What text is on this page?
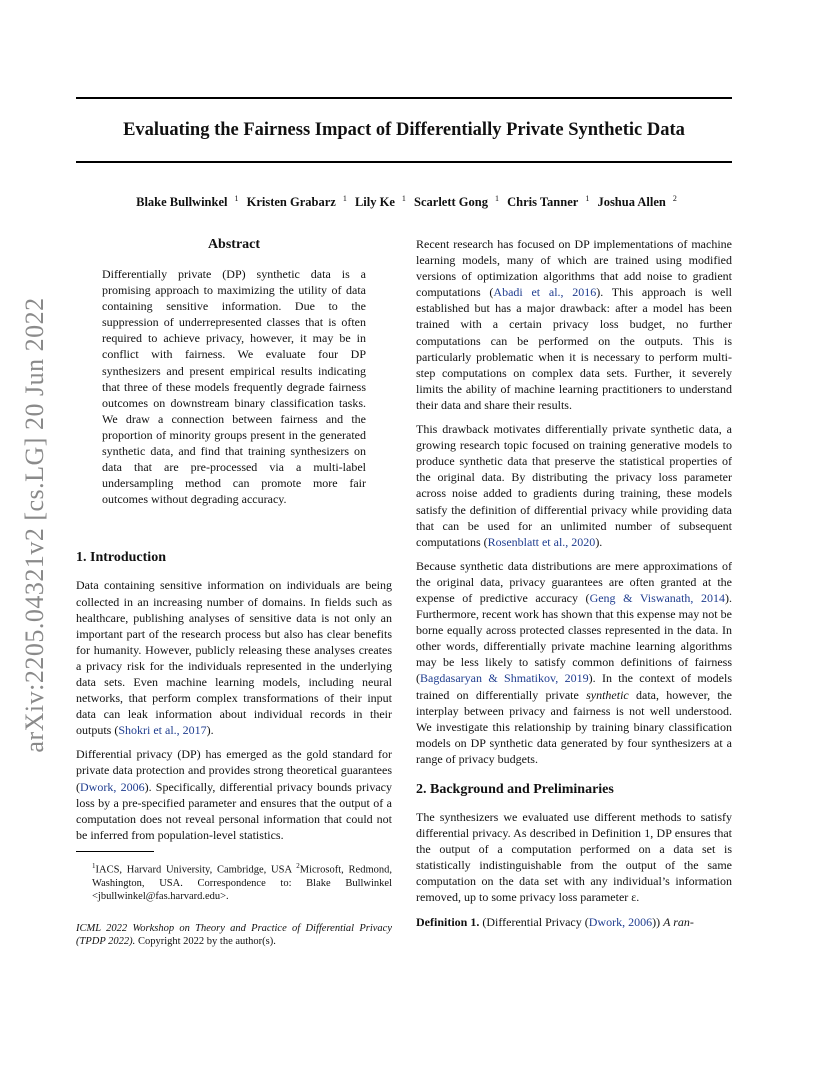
Evaluating the Fairness Impact of Differentially Private Synthetic Data
Blake Bullwinkel $^1$ Kristen Grabarz $^1$ Lily Ke $^1$ Scarlett Gong $^1$ Chris Tanner $^1$ Joshua Allen $^2$
arXiv:2205.04321v2 [cs.LG] 20 Jun 2022
Abstract

Differentially private (DP) synthetic data is a promising approach to maximizing the utility of data containing sensitive information. Due to the suppression of underrepresented classes that is often required to achieve privacy, however, it may be in conflict with fairness. We evaluate four DP synthesizers and present empirical results indicating that three of these models frequently degrade fairness outcomes on downstream binary classification tasks. We draw a connection between fairness and the proportion of minority groups present in the generated synthetic data, and find that training synthesizers on data that are pre-processed via a multi-label undersampling method can promote more fair outcomes without degrading accuracy.

1. Introduction

Data containing sensitive information on individuals are being collected in an increasing number of domains. In fields such as healthcare, publishing analyses of sensitive data is not only an important part of the research process but also has clear benefits for humanity. However, publicly releasing these analyses creates a privacy risk for the individuals represented in the underlying data sets. Even machine learning models, including neural networks, that perform complex transformations of their input data can leak information about individual records in their outputs (Shokri et al., 2017).

Differential privacy (DP) has emerged as the gold standard for private data protection and provides strong theoretical guarantees (Dwork, 2006). Specifically, differential privacy bounds privacy loss by a pre-specified parameter and ensures that the output of a computation does not reveal personal information that could not be inferred from population-level statistics.

$^1$IACS, Harvard University, Cambridge, USA $^2$Microsoft, Redmond, Washington, USA. Correspondence to: Blake Bullwinkel <jbullwinkel@fas.harvard.edu>.

ICML 2022 Workshop on Theory and Practice of Differential Privacy (TPDP 2022). Copyright 2022 by the author(s).

Recent research has focused on DP implementations of machine learning models, many of which are trained using modified versions of optimization algorithms that add noise to gradient computations (Abadi et al., 2016). This approach is well established but has a major drawback: after a model has been trained with a certain privacy loss budget, no further computations can be performed on the outputs. This is particularly problematic when it is necessary to perform multi-step computations on complex data sets. Further, it severely limits the ability of machine learning practitioners to understand their data and share their results.

This drawback motivates differentially private synthetic data, a growing research topic focused on training generative models to produce synthetic data that preserve the statistical properties of the original data. By distributing the privacy loss parameter across noise added to gradients during training, these models satisfy the definition of differential privacy while providing data that can be used for an unlimited number of subsequent computations (Rosenblatt et al., 2020).

Because synthetic data distributions are mere approximations of the original data, privacy guarantees are often granted at the expense of predictive accuracy (Geng & Viswanath, 2014). Furthermore, recent work has shown that this expense may not be borne equally across protected classes represented in the data. In other words, differentially private machine learning algorithms may be less likely to satisfy common definitions of fairness (Bagdasaryan & Shmatikov, 2019). In the context of models trained on differentially private synthetic data, however, the interplay between privacy and fairness is not well understood. We investigate this relationship by training binary classification models on DP synthetic data generated by four synthesizers at a range of privacy budgets.

2. Background and Preliminaries

The synthesizers we evaluated use different methods to satisfy differential privacy. As described in Definition 1, DP ensures that the output of a computation performed on a data set is statistically indistinguishable from the output of the same computation on the data set with any individual’s information removed, up to some privacy loss parameter ε.

Definition 1. (Differential Privacy (Dwork, 2006)) A ran-
